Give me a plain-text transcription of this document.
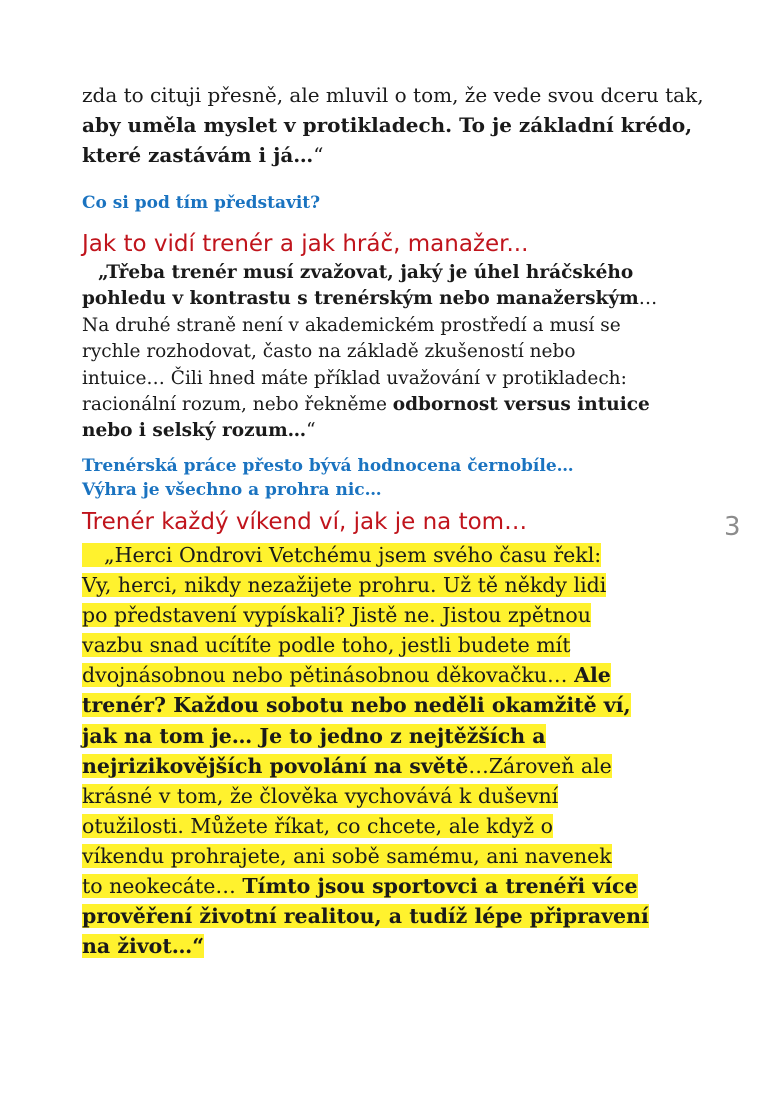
zda to cituji přesně, ale mluvil o tom, že vede svou dceru tak,
aby uměla myslet v protikladech. To je základní krédo,
které zastávám i já…“
Co si pod tím představit?
Jak to vidí trenér a jak hráč, manažer...
„Třeba trenér musí zvažovat, jaký je úhel hráčského
pohledu v kontrastu s trenérským nebo manažerským…
Na druhé straně není v akademickém prostředí a musí se
rychle rozhodovat, často na základě zkušeností nebo
intuice… Čili hned máte příklad uvažování v protikladech:
racionální rozum, nebo řekněme odbornost versus intuice
nebo i selský rozum…“
Trenérská práce přesto bývá hodnocena černobíle…
Výhra je všechno a prohra nic…
Trenér každý víkend ví, jak je na tom…
„Herci Ondrovi Vetchému jsem svého času řekl:
Vy, herci, nikdy nezažijete prohru. Už tě někdy lidi
po představení vypískali? Jistě ne. Jistou zpětnou
vazbu snad ucítíte podle toho, jestli budete mít
dvojnásobnou nebo pětinásobnou děkovačku… Ale
trenér? Každou sobotu nebo neděli okamžitě ví,
jak na tom je… Je to jedno z nejtěžších a
nejrizikovějších povolání na světě…Zároveň ale
krásné v tom, že člověka vychovává k duševní
otužilosti. Můžete říkat, co chcete, ale když o
víkendu prohrajete, ani sobě samému, ani navenek
to neokecáte… Tímto jsou sportovci a trenéři více
prověření životní realitou, a tudíž lépe připravení
na život…“
3
